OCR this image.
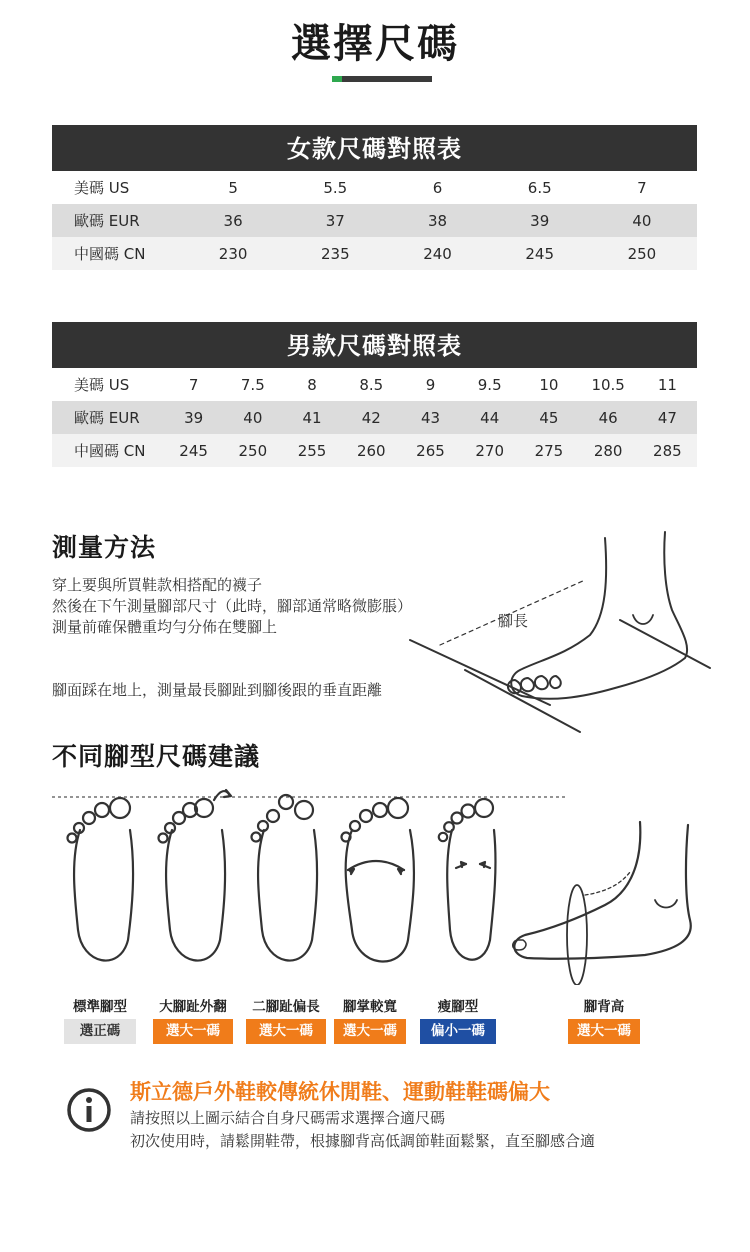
選擇尺碼
女款尺碼對照表
美碼 US	5	5.5	6	6.5	7
歐碼 EUR	36	37	38	39	40
中國碼 CN	230	235	240	245	250
男款尺碼對照表
美碼 US	7	7.5	8	8.5	9	9.5	10	10.5	11
歐碼 EUR	39	40	41	42	43	44	45	46	47
中國碼 CN	245	250	255	260	265	270	275	280	285
測量方法

穿上要與所買鞋款相搭配的襪子

然後在下午測量腳部尺寸（此時，腳部通常略微膨脹）

測量前確保體重均勻分佈在雙腳上

腳面踩在地上，測量最長腳趾到腳後跟的垂直距離

腳長
不同腳型尺碼建議
標準腳型
選正碼
大腳趾外翻
選大一碼
二腳趾偏長
選大一碼
腳掌較寬
選大一碼
瘦腳型
偏小一碼
腳背高
選大一碼
斯立德戶外鞋較傳統休閒鞋、運動鞋鞋碼偏大
請按照以上圖示結合自身尺碼需求選擇合適尺碼
初次使用時，請鬆開鞋帶，根據腳背高低調節鞋面鬆緊，直至腳感合適
